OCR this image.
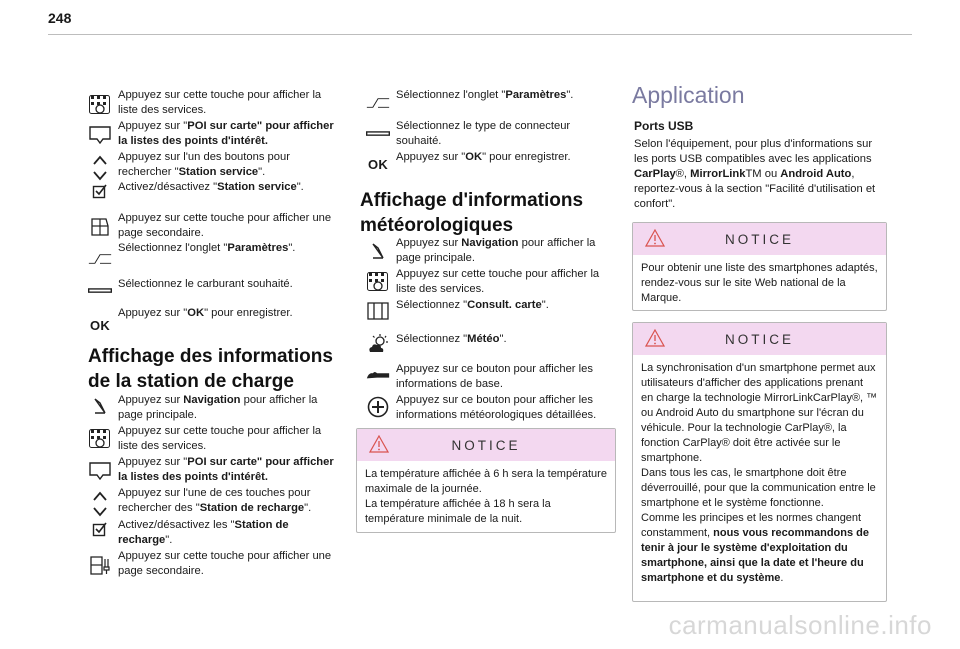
248
Appuyez sur cette touche pour afficher la liste des services.
Appuyez sur "POI sur carte" pour afficher la listes des points d'intérêt.
Appuyez sur l'un des boutons pour
rechercher "Station service".
Activez/désactivez "Station service".
Appuyez sur cette touche pour afficher une page secondaire.
Sélectionnez l'onglet "Paramètres".
Sélectionnez le carburant souhaité.
OK
Appuyez sur "OK" pour enregistrer.
Affichage des informations de la station de charge
Appuyez sur Navigation pour afficher la page principale.
Appuyez sur cette touche pour afficher la liste des services.
Appuyez sur "POI sur carte" pour afficher la listes des points d'intérêt.
Appuyez sur l'une de ces touches pour
rechercher des "Station de recharge".
Activez/désactivez les "Station de recharge".
Appuyez sur cette touche pour afficher une page secondaire.
Sélectionnez l'onglet "Paramètres".
Sélectionnez le type de connecteur souhaité.
OK Appuyez sur "OK" pour enregistrer.
Affichage d'informations météorologiques
Appuyez sur Navigation pour afficher la page principale.
Appuyez sur cette touche pour afficher la liste des services.
Sélectionnez "Consult. carte".
Sélectionnez "Météo".
Appuyez sur ce bouton pour afficher les informations de base.
Appuyez sur ce bouton pour afficher les informations météorologiques détaillées.
NOTICE
La température affichée à 6 h sera la température maximale de la journée.
La température affichée à 18 h sera la température minimale de la nuit.
Application
Ports USB
Selon l'équipement, pour plus d'informations sur les ports USB compatibles avec les applications CarPlay®, MirrorLinkTM ou Android Auto, reportez-vous à la section "Facilité d'utilisation et confort".
NOTICE
Pour obtenir une liste des smartphones adaptés, rendez-vous sur le site Web national de la Marque.
NOTICE
La synchronisation d'un smartphone permet aux utilisateurs d'afficher des applications prenant en charge la technologie MirrorLinkCarPlay®, ™ ou Android Auto du smartphone sur l'écran du véhicule. Pour la technologie CarPlay®, la fonction CarPlay® doit être activée sur le smartphone.
Dans tous les cas, le smartphone doit être déverrouillé, pour que la communication entre le smartphone et le système fonctionne.
Comme les principes et les normes changent constamment, nous vous recommandons de tenir à jour le système d'exploitation du smartphone, ainsi que la date et l'heure du smartphone et du système.
carmanualsonline.info
